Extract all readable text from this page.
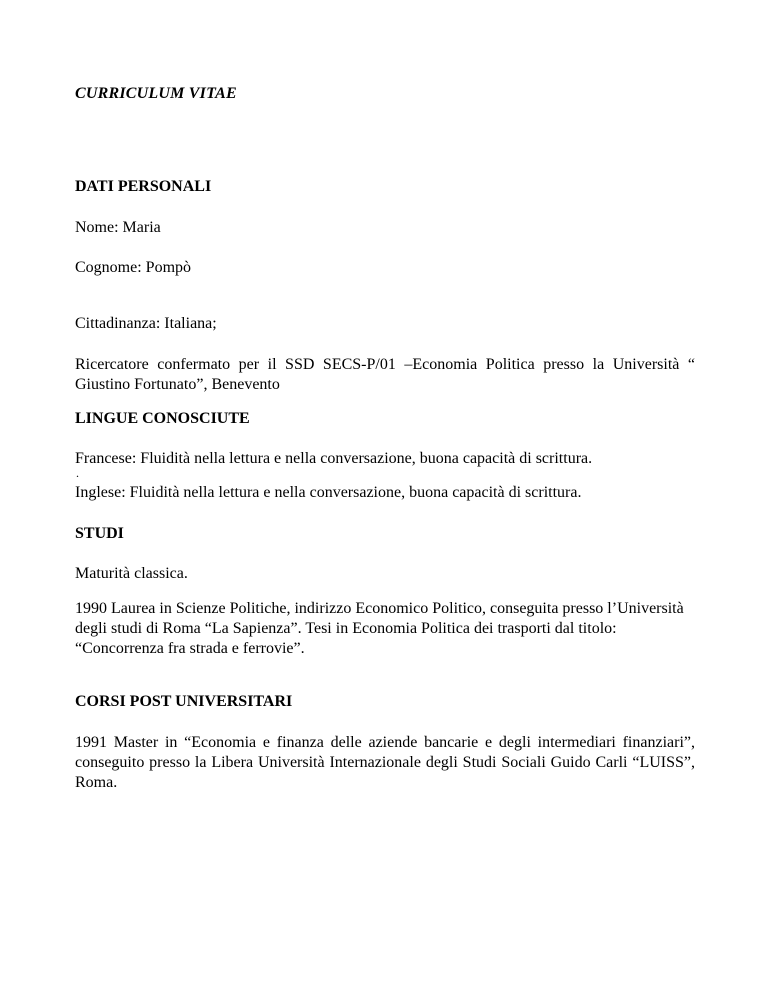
CURRICULUM VITAE

DATI PERSONALI

Nome: Maria

Cognome: Pompò

Cittadinanza: Italiana;

Ricercatore confermato per il SSD SECS-P/01 –Economia Politica presso la Università “ Giustino Fortunato”, Benevento

LINGUE CONOSCIUTE

Francese: Fluidità nella lettura e nella conversazione, buona capacità di scrittura.

.

Inglese: Fluidità nella lettura e nella conversazione, buona capacità di scrittura.

STUDI

Maturità classica.

1990 Laurea in Scienze Politiche, indirizzo Economico Politico, conseguita presso l’Università degli studi di Roma “La Sapienza”. Tesi in Economia Politica dei trasporti dal titolo: “Concorrenza fra strada e ferrovie”.

CORSI POST UNIVERSITARI

1991 Master in “Economia e finanza delle aziende bancarie e degli intermediari finanziari”, conseguito presso la Libera Università Internazionale degli Studi Sociali Guido Carli “LUISS”, Roma.
